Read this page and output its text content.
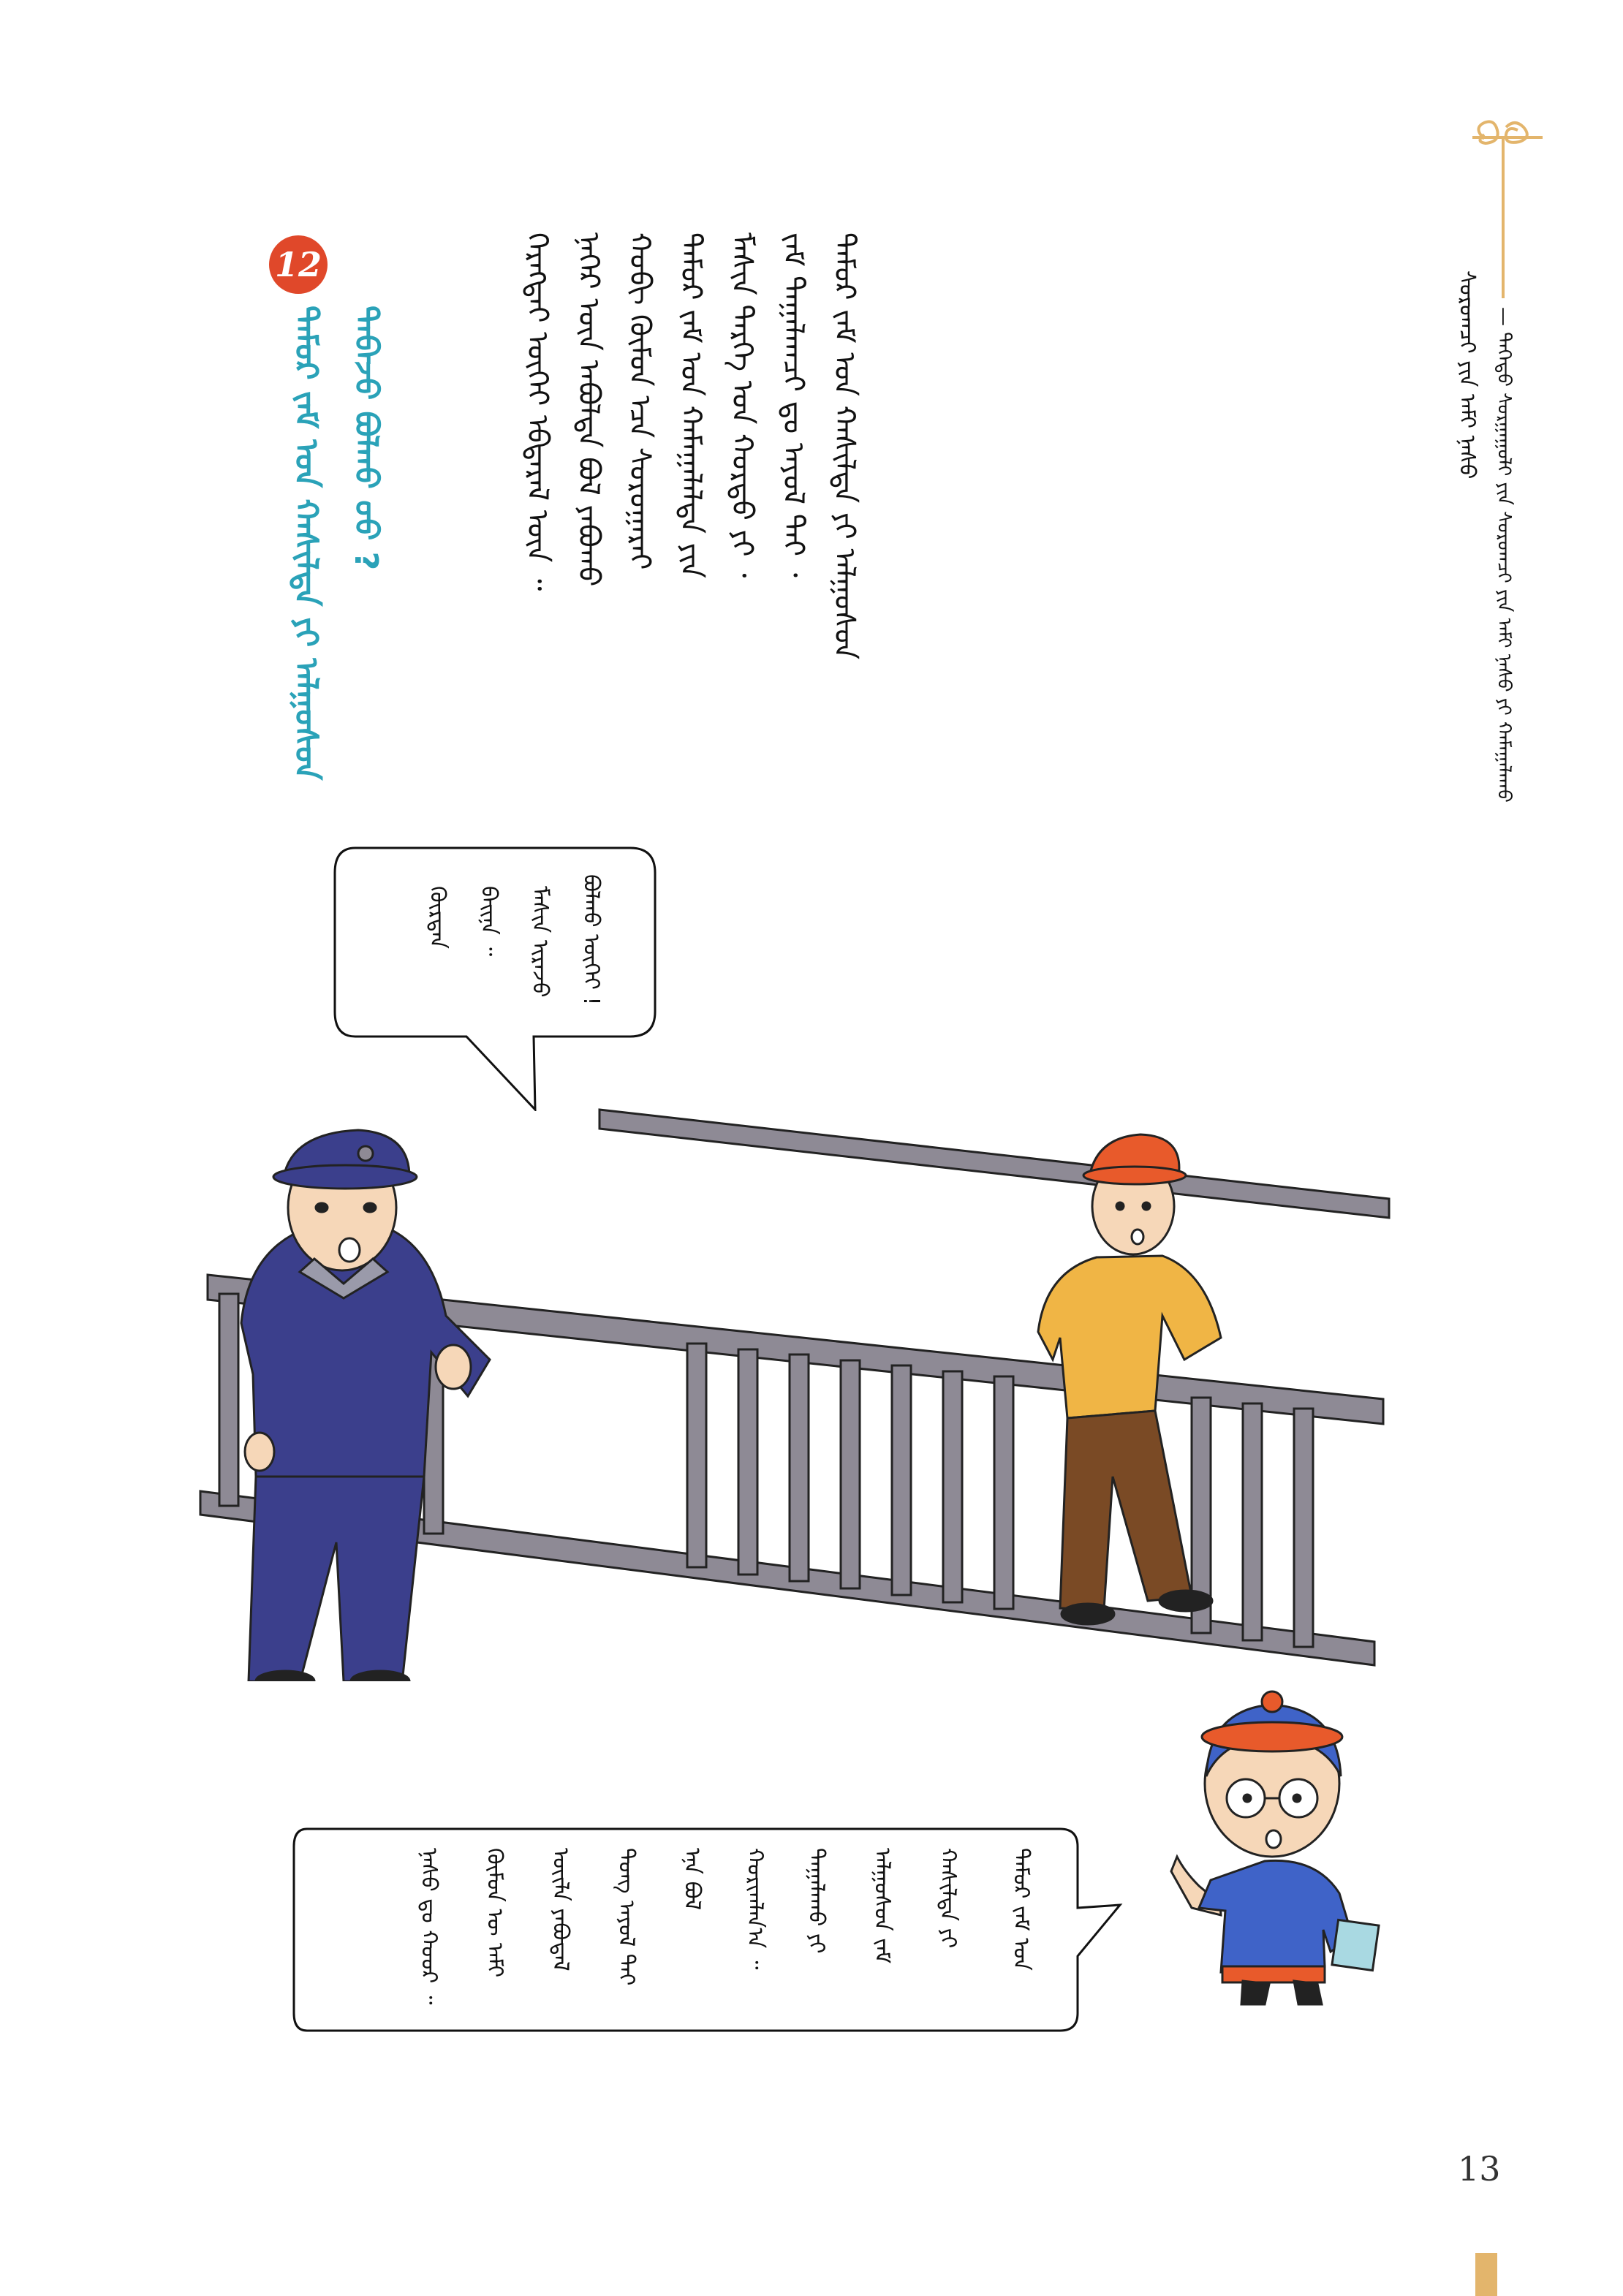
ᠰᠤᠷᠤᠭᠴᠢ ᠶᠢᠨ ᠠᠮᠢ ᠨᠠᠰᠤ — ᠳᠡᠭᠡᠳᠦ ᠰᠤᠷᠭᠠᠭᠤᠯᠢ ᠶᠢᠨ ᠰᠤᠷᠤᠭᠴᠢ ᠶᠢᠨ ᠠᠮᠢ ᠨᠠᠰᠤ ᠶᠢ ᠬᠠᠮᠠᠭᠠᠯᠠᠬᠤ
ᠲᠡᠮᠦᠷ ᠵᠠᠮ ᠤᠨ ᠬᠠᠰᠢᠯᠲᠠ ᠶᠢ ᠠᠯᠭᠤᠰᠤᠨ
ᠵᠠᠮ ᠳᠠᠭᠠᠯᠠᠭᠴᠢ ᠳᠤ ᠠᠶᠤᠯ ᠲᠠᠢ ᠂
ᠮᠠᠰᠢᠨ ᠲᠡᠷᠭᠡ ᠤᠨ ᠬᠤᠷᠳᠤ ᠶᠢ ᠂
ᠲᠡᠮᠦᠷ ᠵᠠᠮ ᠤᠨ ᠬᠠᠮᠠᠭᠠᠯᠠᠯᠲᠠ ᠶᠢᠨ
ᠬᠤᠪᠢ ᠬᠦᠮᠦᠨ ᠡᠴᠡ ᠰᠤᠷᠤᠭᠠᠷᠠᠢ
ᠨᠡᠬᠡᠷ ᠦᠨ ᠠᠪᠤᠯᠳᠠ ᠪᠣᠯ ᠶᠠᠪᠤᠬᠤ
ᠬᠡᠷᠡᠭᠲᠡᠢ ᠦᠭᠡᠢ ᠡᠪᠳᠡᠷᠡᠯ ᠦᠨ ᠃
12
ᠲᠡᠮᠦᠷ ᠵᠠᠮ ᠤᠨ ᠬᠠᠰᠢᠯᠲᠠ ᠶᠢ ᠠᠯᠭᠤᠰᠤᠨ ᠳᠠᠪᠠᠵᠤ ᠪᠣᠯᠬᠤ ᠤᠤ ?
ᠪᠣᠯᠬᠤ ᠦᠭᠡᠢ !
ᠮᠠᠰᠢᠨ ᠢᠷᠡᠵᠦ
ᠪᠠᠢᠨᠠ ᠃
ᠬᠦᠷᠳᠡᠨ
ᠲᠡᠮᠦᠷ ᠵᠠᠮ ᠤᠨ
ᠬᠠᠰᠢᠯᠲᠠ ᠶᠢ
ᠠᠯᠭᠤᠰᠤᠨ ᠵᠠᠮ
ᠳᠠᠭᠠᠯᠠᠬᠤ ᠶᠢ
ᠬᠣᠷᠢᠭᠯᠠᠨ᠎ᠠ ᠃
ᠡᠨᠡ ᠪᠣᠯ
ᠲᠤᠩ ᠠᠶᠤᠯ ᠲᠠᠢ
ᠦᠢᠯᠡ ᠶᠠᠪᠤᠳᠠᠯ
ᠬᠦᠮᠦᠨ ᠦ ᠠᠮᠢ
ᠨᠠᠰᠤ ᠳᠤ ᠬᠣᠤᠷ ᠃
13
